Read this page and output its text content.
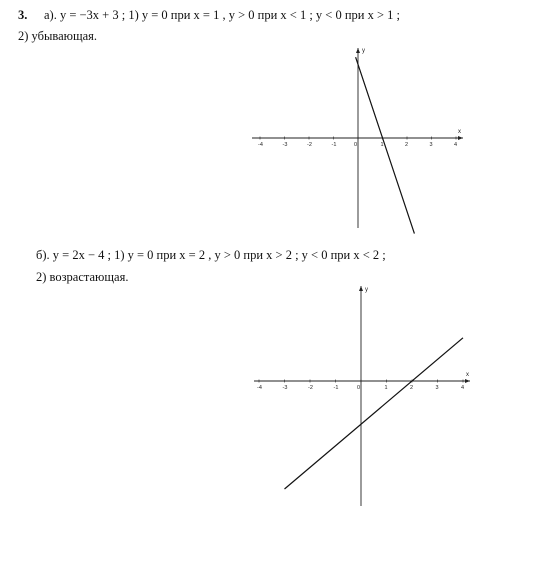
3. а). y = −3x + 3 ; 1) y = 0 при x = 1 , y > 0 при x < 1 ; y < 0 при x > 1 ;
2) убывающая.
б). y = 2x − 4 ; 1) y = 0 при x = 2 , y > 0 при x > 2 ; y < 0 при x < 2 ;
2) возрастающая.
x
y
-4	-3	-2	-1	0	1	2	3	4
x
y
-4	-3	-2	-1	0	1	2	3	4
